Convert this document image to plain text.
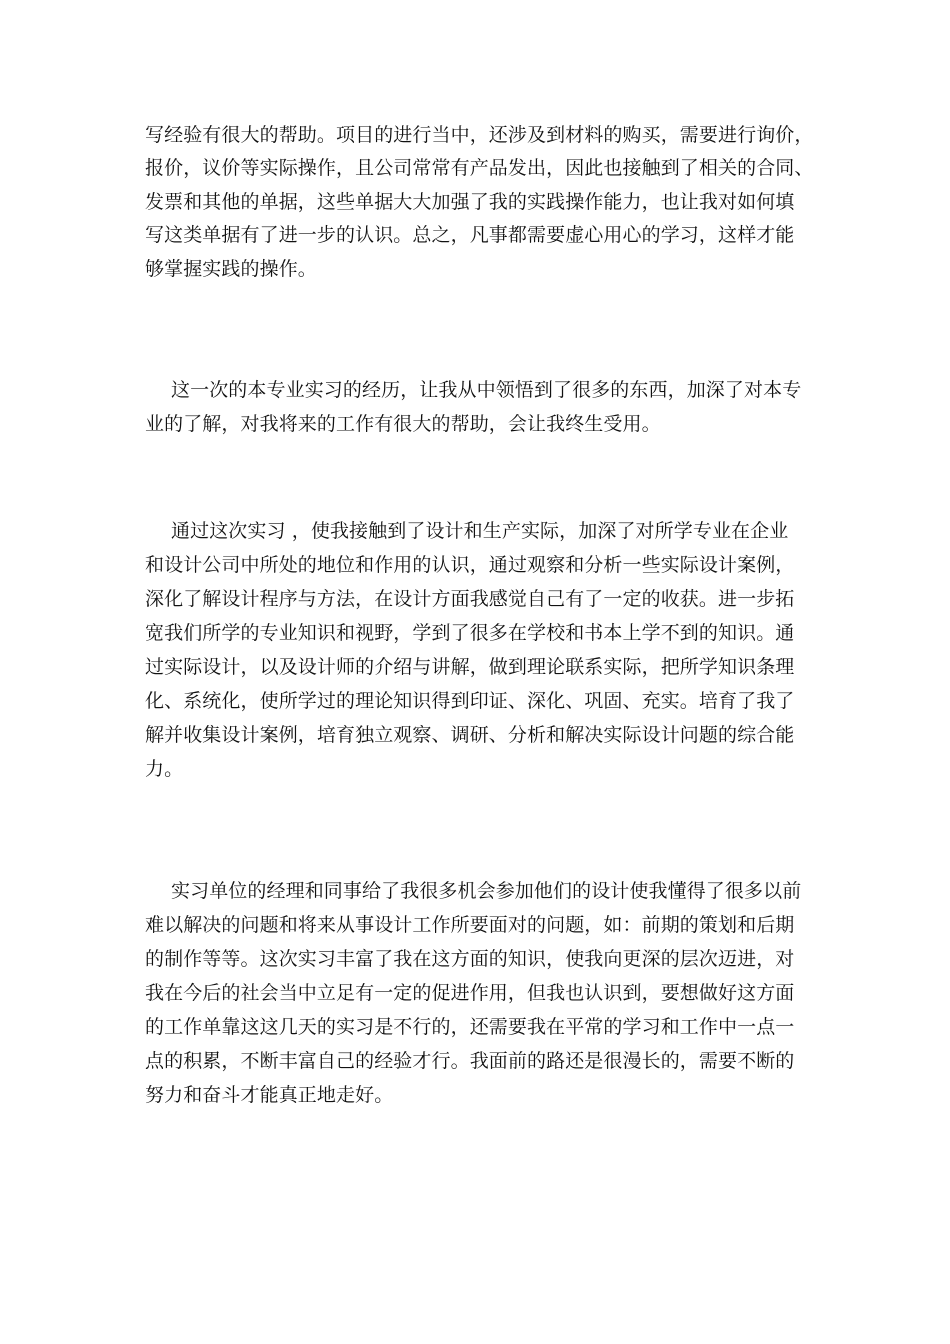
写经验有很大的帮助。项目的进行当中，还涉及到材料的购买，需要进行询价，

报价，议价等实际操作，且公司常常有产品发出，因此也接触到了相关的合同、

发票和其他的单据，这些单据大大加强了我的实践操作能力，也让我对如何填

写这类单据有了进一步的认识。总之，凡事都需要虚心用心的学习，这样才能

够掌握实践的操作。

这一次的本专业实习的经历，让我从中领悟到了很多的东西，加深了对本专

业的了解，对我将来的工作有很大的帮助，会让我终生受用。

通过这次实习 ，使我接触到了设计和生产实际，加深了对所学专业在企业

和设计公司中所处的地位和作用的认识，通过观察和分析一些实际设计案例，

深化了解设计程序与方法，在设计方面我感觉自己有了一定的收获。进一步拓

宽我们所学的专业知识和视野，学到了很多在学校和书本上学不到的知识。通

过实际设计，以及设计师的介绍与讲解，做到理论联系实际，把所学知识条理

化、系统化，使所学过的理论知识得到印证、深化、巩固、充实。培育了我了

解并收集设计案例，培育独立观察、调研、分析和解决实际设计问题的综合能

力。

实习单位的经理和同事给了我很多机会参加他们的设计使我懂得了很多以前

难以解决的问题和将来从事设计工作所要面对的问题，如：前期的策划和后期

的制作等等。这次实习丰富了我在这方面的知识，使我向更深的层次迈进，对

我在今后的社会当中立足有一定的促进作用，但我也认识到，要想做好这方面

的工作单靠这这几天的实习是不行的，还需要我在平常的学习和工作中一点一

点的积累，不断丰富自己的经验才行。我面前的路还是很漫长的，需要不断的

努力和奋斗才能真正地走好。
